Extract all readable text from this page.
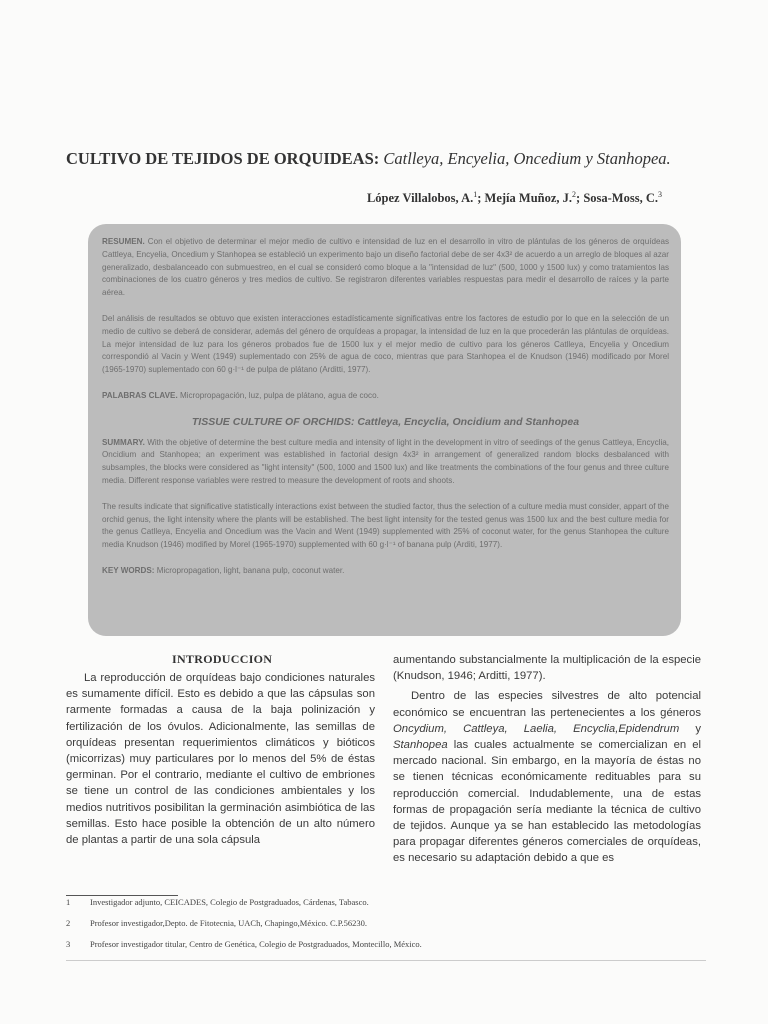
CULTIVO DE TEJIDOS DE ORQUIDEAS: Catlleya, Encyelia, Oncedium y Stanhopea.
López Villalobos, A.$^1$; Mejía Muñoz, J.$^2$; Sosa-Moss, C.$^3$

RESUMEN. Con el objetivo de determinar el mejor medio de cultivo e intensidad de luz en el desarrollo in vitro de plántulas de los géneros de orquídeas Cattleya, Encyelia, Oncedium y Stanhopea se estableció un experimento bajo un diseño factorial debe de ser 4x3² de acuerdo a un arreglo de bloques al azar generalizado, desbalanceado con submuestreo, en el cual se consideró como bloque a la "intensidad de luz" (500, 1000 y 1500 lux) y como tratamientos las combinaciones de los cuatro géneros y tres medios de cultivo. Se registraron diferentes variables respuestas para medir el desarrollo de raíces y la parte aérea.

Del análisis de resultados se obtuvo que existen interacciones estadísticamente significativas entre los factores de estudio por lo que en la selección de un medio de cultivo se deberá de considerar, además del género de orquídeas a propagar, la intensidad de luz en la que procederán las plántulas de orquídeas. La mejor intensidad de luz para los géneros probados fue de 1500 lux y el mejor medio de cultivo para los géneros Catlleya, Encyelia y Oncedium correspondió al Vacin y Went (1949) suplementado con 25% de agua de coco, mientras que para Stanhopea el de Knudson (1946) modificado por Morel (1965-1970) suplementado con 60 g·l⁻¹ de pulpa de plátano (Arditti, 1977).

PALABRAS CLAVE. Micropropagación, luz, pulpa de plátano, agua de coco.

TISSUE CULTURE OF ORCHIDS: Cattleya, Encyclia, Oncidium and Stanhopea

SUMMARY. With the objetive of determine the best culture media and intensity of light in the development in vitro of seedings of the genus Cattleya, Encyclia, Oncidium and Stanhopea; an experiment was established in factorial design 4x3² in arrangement of generalized random blocks desbalanced with subsamples, the blocks were considered as "light intensity" (500, 1000 and 1500 lux) and like treatments the combinations of the four genus and three culture media. Different response variables were restred to measure the development of roots and shoots.

The results indicate that significative statistically interactions exist between the studied factor, thus the selection of a culture media must consider, appart of the orchid genus, the light intensity where the plants will be established. The best light intensity for the tested genus was 1500 lux and the best culture media for the genus Catlleya, Encyelia and Oncedium was the Vacin and Went (1949) supplemented with 25% of coconut water, for the genus Stanhopea the culture media Knudson (1946) modified by Morel (1965-1970) supplemented with 60 g·l⁻¹ of banana pulp (Arditi, 1977).

KEY WORDS: Micropropagation, light, banana pulp, coconut water.

INTRODUCCION

La reproducción de orquídeas bajo condiciones naturales es sumamente difícil. Esto es debido a que las cápsulas son rarmente formadas a causa de la baja polinización y fertilización de los óvulos. Adicionalmente, las semillas de orquídeas presentan requerimientos climáticos y bióticos (micorrizas) muy particulares por lo menos del 5% de éstas germinan. Por el contrario, mediante el cultivo de embriones se tiene un control de las condiciones ambientales y los medios nutritivos posibilitan la germinación asimbiótica de las semillas. Esto hace posible la obtención de un alto número de plantas a partir de una sola cápsula

aumentando substancialmente la multiplicación de la especie (Knudson, 1946; Arditti, 1977).

Dentro de las especies silvestres de alto potencial económico se encuentran las pertenecientes a los géneros Oncydium, Cattleya, Laelia, Encyclia,Epidendrum y Stanhopea las cuales actualmente se comercializan en el mercado nacional. Sin embargo, en la mayoría de éstas no se tienen técnicas económicamente redituables para su reproducción comercial. Indudablemente, una de estas formas de propagación sería mediante la técnica de cultivo de tejidos. Aunque ya se han establecido las metodologías para propagar diferentes géneros comerciales de orquídeas, es necesario su adaptación debido a que es

1	Investigador adjunto, CEICADES, Colegio de Postgraduados, Cárdenas, Tabasco.
2	Profesor investigador,Depto. de Fitotecnia, UACh, Chapingo,México. C.P.56230.
3	Profesor investigador titular, Centro de Genética, Colegio de Postgraduados, Montecillo, México.
